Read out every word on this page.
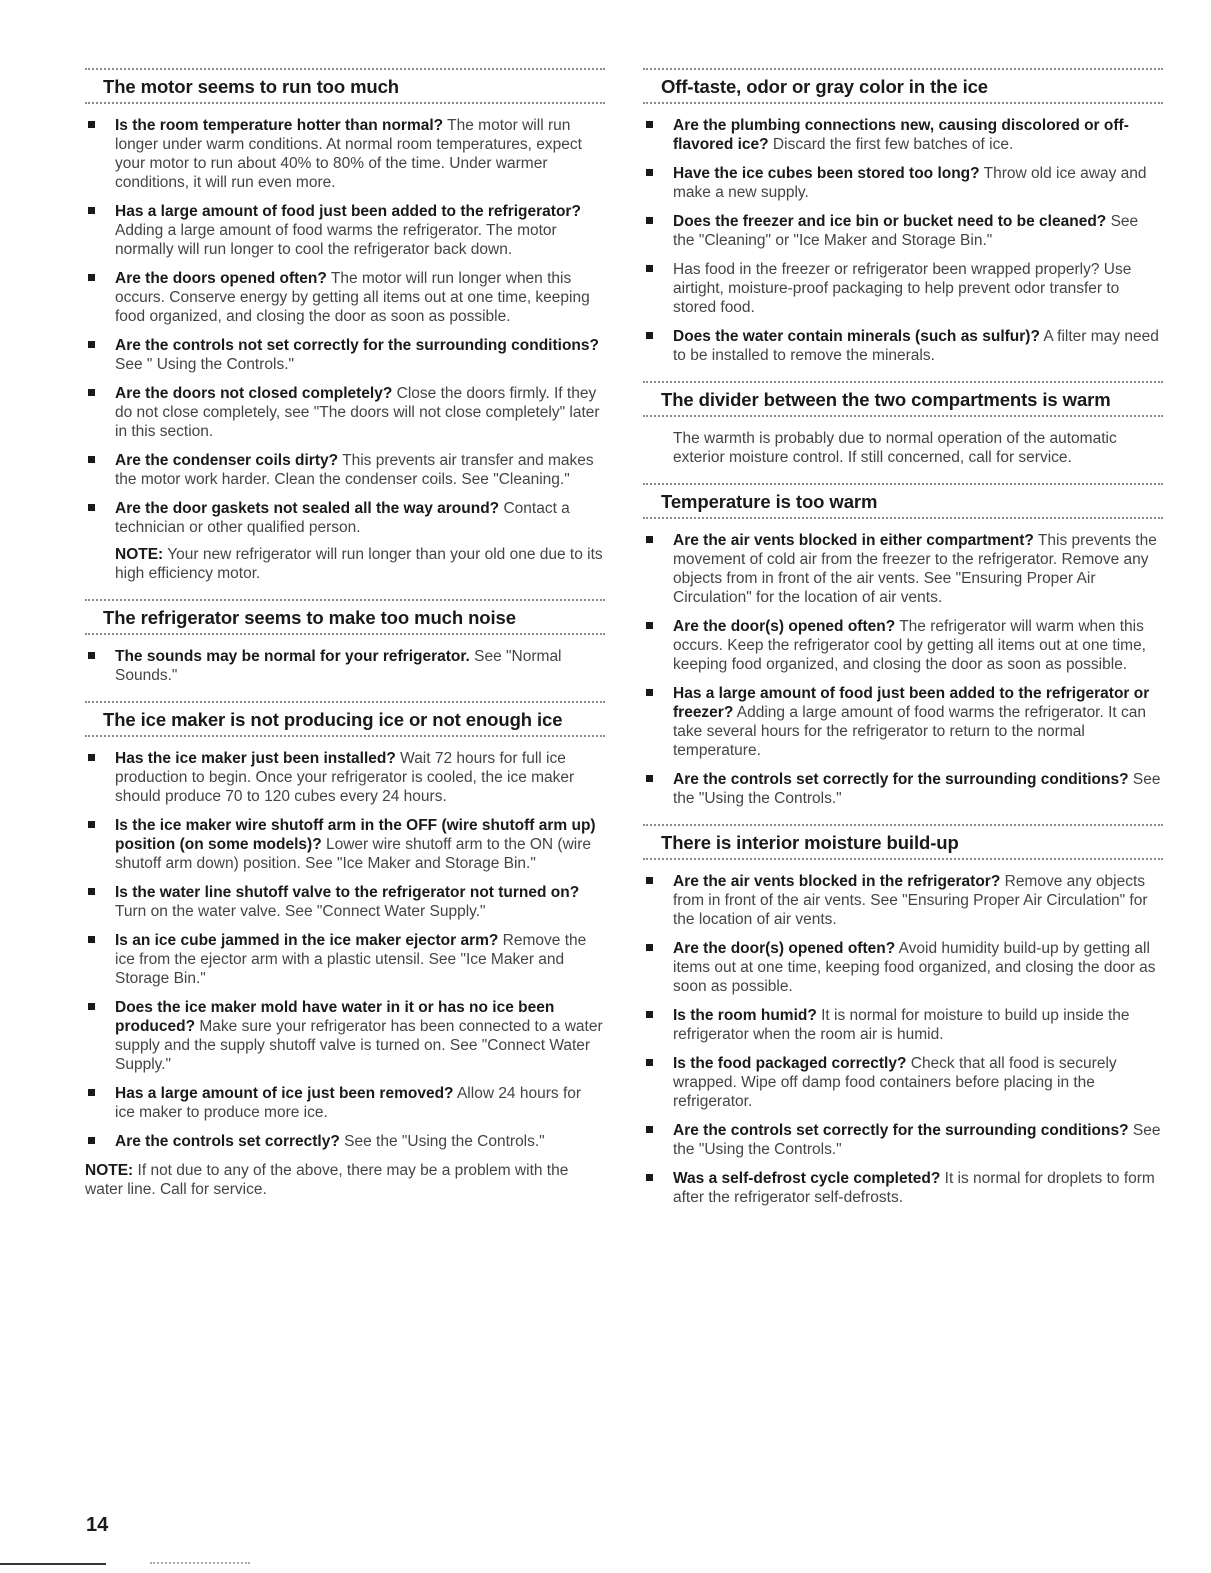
The motor seems to run too much
Is the room temperature hotter than normal? The motor will run longer under warm conditions. At normal room temperatures, expect your motor to run about 40% to 80% of the time. Under warmer conditions, it will run even more.
Has a large amount of food just been added to the refrigerator? Adding a large amount of food warms the refrigerator. The motor normally will run longer to cool the refrigerator back down.
Are the doors opened often? The motor will run longer when this occurs. Conserve energy by getting all items out at one time, keeping food organized, and closing the door as soon as possible.
Are the controls not set correctly for the surrounding conditions? See " Using the Controls."
Are the doors not closed completely? Close the doors firmly. If they do not close completely, see "The doors will not close completely" later in this section.
Are the condenser coils dirty? This prevents air transfer and makes the motor work harder. Clean the condenser coils. See "Cleaning."
Are the door gaskets not sealed all the way around? Contact a technician or other qualified person.
NOTE: Your new refrigerator will run longer than your old one due to its high efficiency motor.
The refrigerator seems to make too much noise
The sounds may be normal for your refrigerator. See "Normal Sounds."
The ice maker is not producing ice or not enough ice
Has the ice maker just been installed? Wait 72 hours for full ice production to begin. Once your refrigerator is cooled, the ice maker should produce 70 to 120 cubes every 24 hours.
Is the ice maker wire shutoff arm in the OFF (wire shutoff arm up) position (on some models)? Lower wire shutoff arm to the ON (wire shutoff arm down) position. See "Ice Maker and Storage Bin."
Is the water line shutoff valve to the refrigerator not turned on? Turn on the water valve. See "Connect Water Supply."
Is an ice cube jammed in the ice maker ejector arm? Remove the ice from the ejector arm with a plastic utensil. See "Ice Maker and Storage Bin."
Does the ice maker mold have water in it or has no ice been produced? Make sure your refrigerator has been connected to a water supply and the supply shutoff valve is turned on. See "Connect Water Supply."
Has a large amount of ice just been removed? Allow 24 hours for ice maker to produce more ice.
Are the controls set correctly? See the "Using the Controls."
NOTE: If not due to any of the above, there may be a problem with the water line. Call for service.
Off-taste, odor or gray color in the ice
Are the plumbing connections new, causing discolored or off-flavored ice? Discard the first few batches of ice.
Have the ice cubes been stored too long? Throw old ice away and make a new supply.
Does the freezer and ice bin or bucket need to be cleaned? See the "Cleaning" or "Ice Maker and Storage Bin."
Has food in the freezer or refrigerator been wrapped properly? Use airtight, moisture-proof packaging to help prevent odor transfer to stored food.
Does the water contain minerals (such as sulfur)? A filter may need to be installed to remove the minerals.
The divider between the two compartments is warm
The warmth is probably due to normal operation of the automatic exterior moisture control. If still concerned, call for service.
Temperature is too warm
Are the air vents blocked in either compartment? This prevents the movement of cold air from the freezer to the refrigerator. Remove any objects from in front of the air vents. See "Ensuring Proper Air Circulation" for the location of air vents.
Are the door(s) opened often? The refrigerator will warm when this occurs. Keep the refrigerator cool by getting all items out at one time, keeping food organized, and closing the door as soon as possible.
Has a large amount of food just been added to the refrigerator or freezer? Adding a large amount of food warms the refrigerator. It can take several hours for the refrigerator to return to the normal temperature.
Are the controls set correctly for the surrounding conditions? See the "Using the Controls."
There is interior moisture build-up
Are the air vents blocked in the refrigerator? Remove any objects from in front of the air vents. See "Ensuring Proper Air Circulation" for the location of air vents.
Are the door(s) opened often? Avoid humidity build-up by getting all items out at one time, keeping food organized, and closing the door as soon as possible.
Is the room humid? It is normal for moisture to build up inside the refrigerator when the room air is humid.
Is the food packaged correctly? Check that all food is securely wrapped. Wipe off damp food containers before placing in the refrigerator.
Are the controls set correctly for the surrounding conditions? See the "Using the Controls."
Was a self-defrost cycle completed? It is normal for droplets to form after the refrigerator self-defrosts.
14
